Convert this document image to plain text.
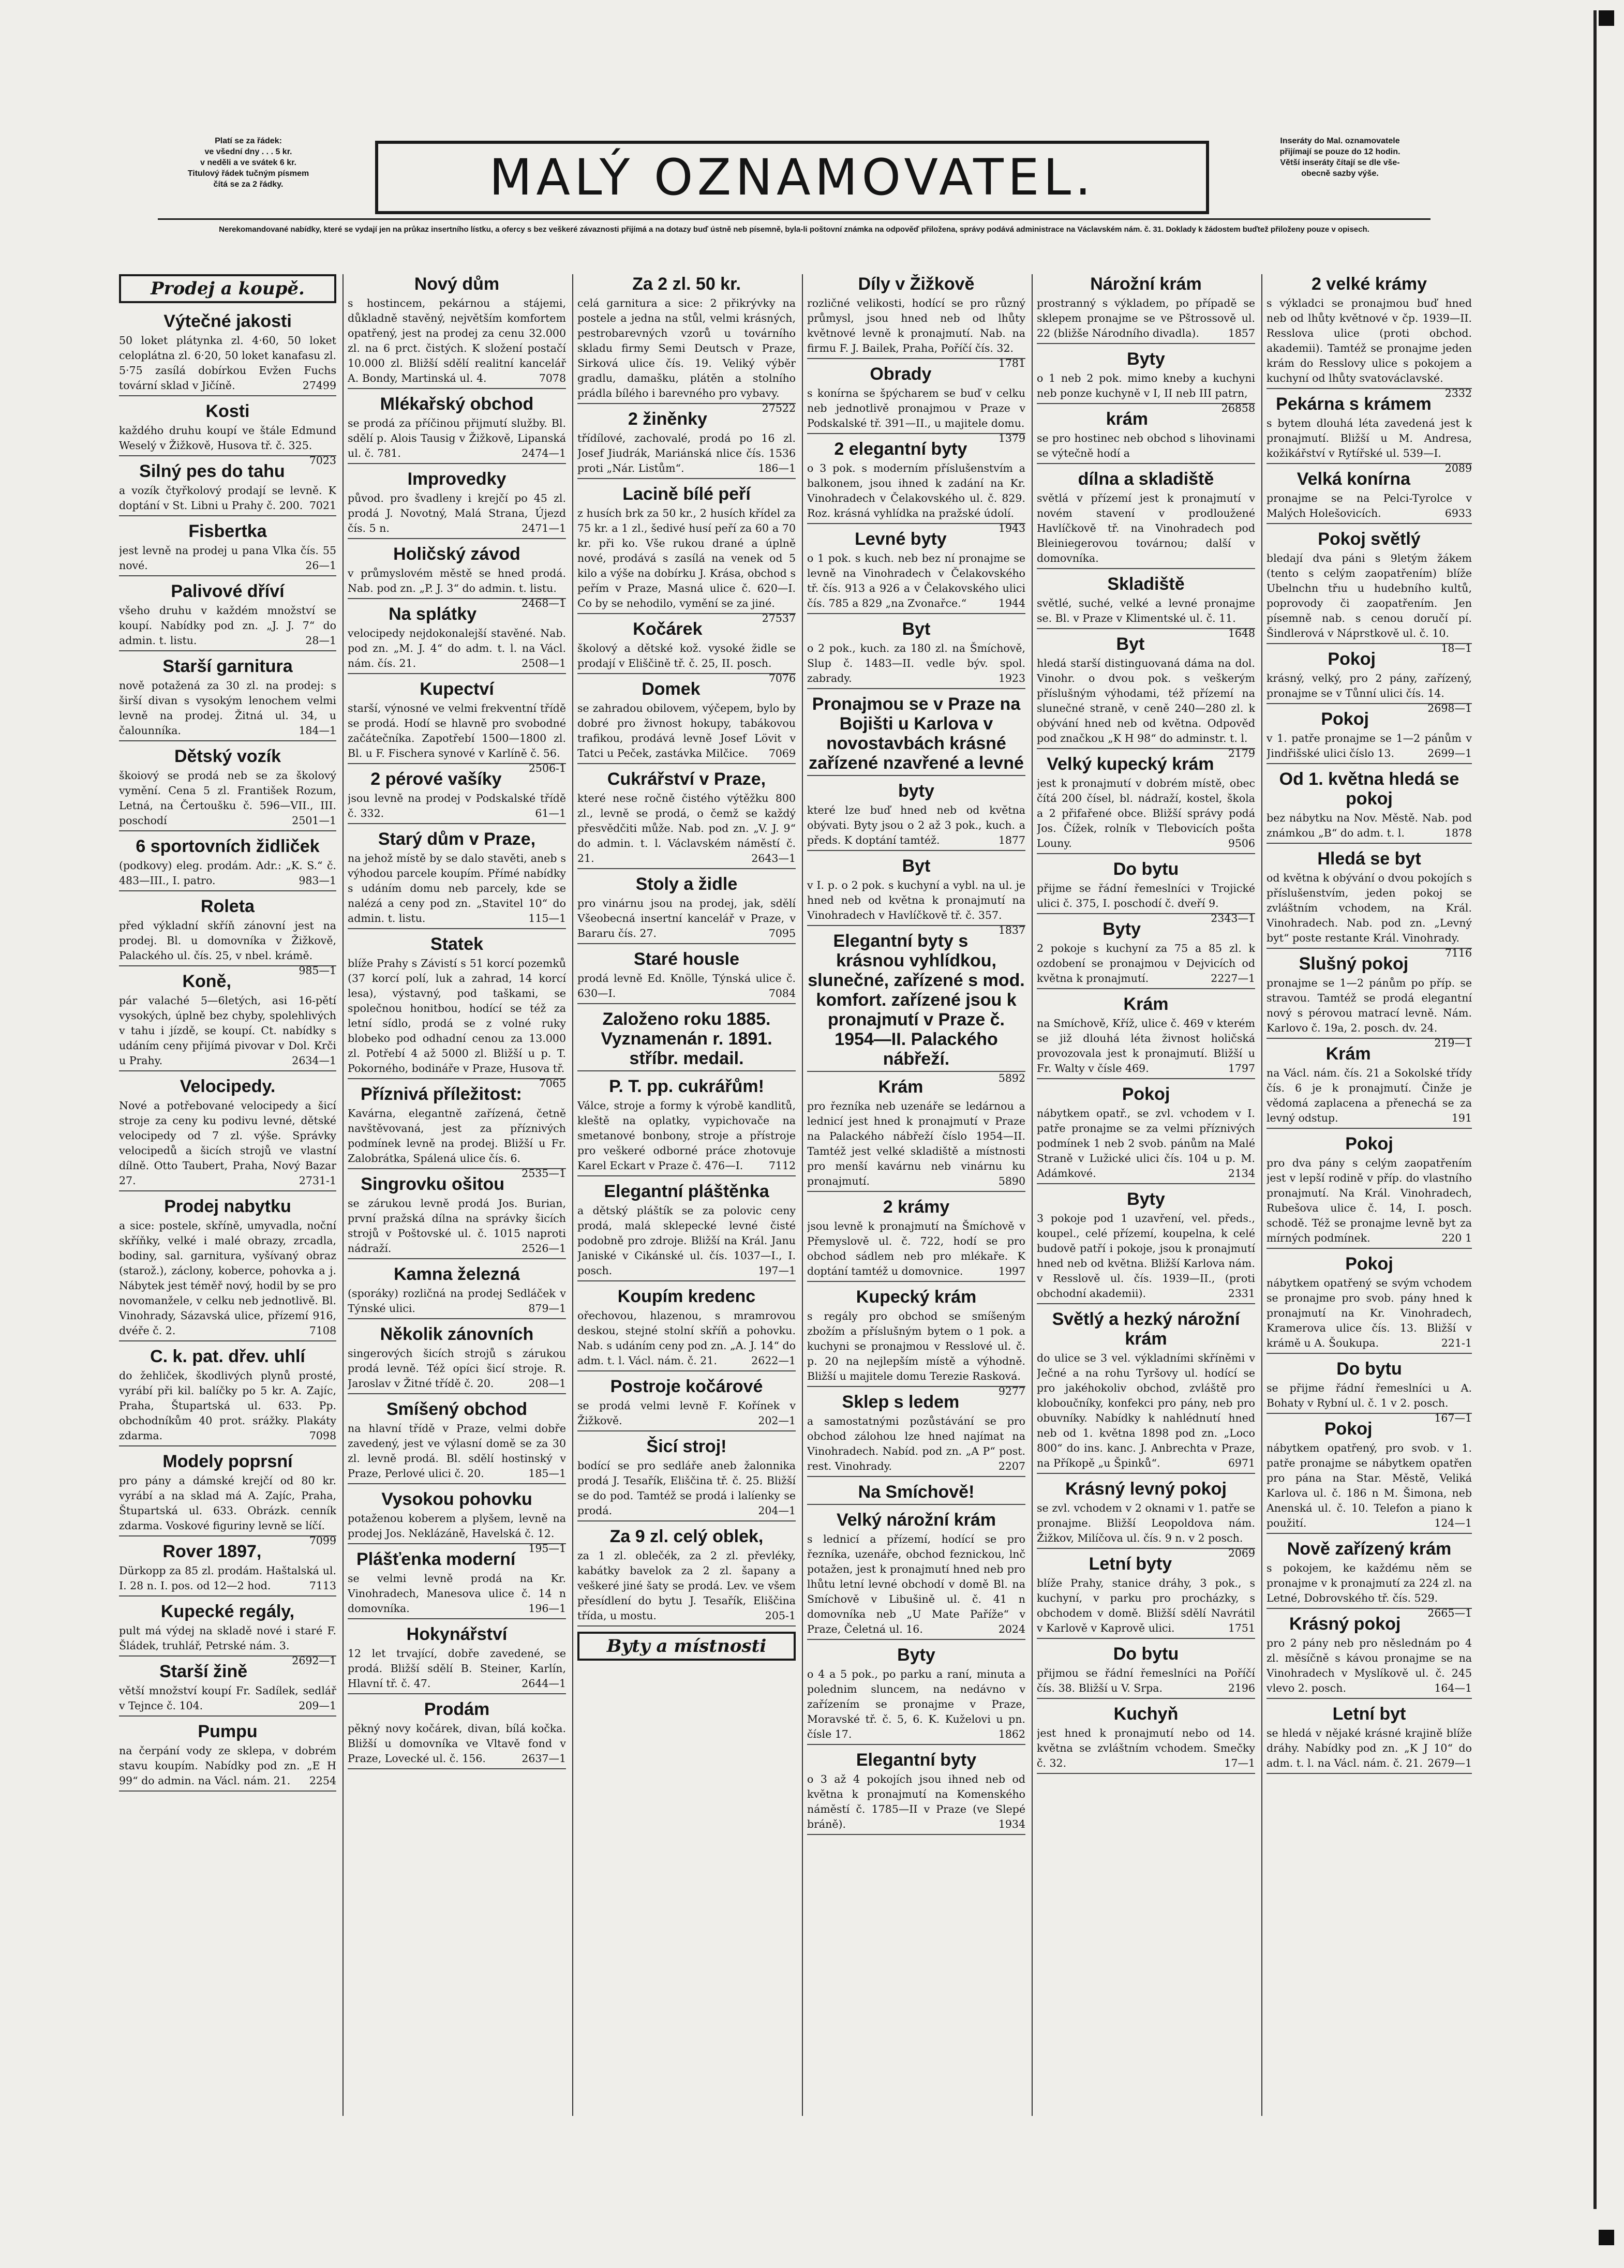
Platí se za řádek:
ve všední dny . . . 5 kr.
v neděli a ve svátek 6 kr.
Titulový řádek tučným písmem
čítá se za 2 řádky.	MALÝ OZNAMOVATEL.
Inseráty do Mal. oznamovatele
přijímají se pouze do 12 hodin.
Větší inseráty čítají se dle vše-
obecně sazby výše.
Nerekomandované nabídky, které se vydají jen na průkaz insertního lístku, a ofercy s bez veškeré závaznosti přijímá a na dotazy buď ústně neb písemně, byla-li poštovní známka na odpověď přiložena, správy podává administrace na Václavském nám. č. 31. Doklady k žádostem buďtež přiloženy pouze v opisech.
Prodej a koupě.
Výtečné jakosti

50 loket plátynka zl. 4·60, 50 loket celoplátna zl. 6·20, 50 loket kanafasu zl. 5·75 zasílá dobírkou Evžen Fuchs tovární sklad v Jičíně.	27499

Kosti

každého druhu koupí ve štále Edmund Weselý v Žižkově, Husova tř. č. 325.
7023

Silný pes do tahu

a vozík čtyřkolový prodají se levně. K doptání v St. Libni u Prahy č. 200. 7021

Fisbertka

jest levně na prodej u pana Vlka čís. 55 nové.	26—1

Palivové dříví

všeho druhu v každém množství se koupí. Nabídky pod zn. „J. J. 7“ do admin. t. listu.	28—1

Starší garnitura

nově potažená za 30 zl. na prodej: s širší divan s vysokým lenochem velmi levně na prodej. Žitná ul. 34, u čalounníka.	184—1

Dětský vozík

škoiový se prodá neb se za školový vymění. Cena 5 zl. František Rozum, Letná, na Čertoušku č. 596—VII., III. poschodí	2501—1

6 sportovních židliček

(podkovy) eleg. prodám. Adr.: „K. S.“ č. 483—III., I. patro.	983—1

Roleta

před výkladní skříň zánovní jest na prodej. Bl. u domovníka v Žižkově, Palackého ul. čís. 25, v nbel. krámě.
985—1

Koně,

pár valaché 5—6letých, asi 16-pětí vysokých, úplně bez chyby, spolehlivých v tahu i jízdě, se koupí. Ct. nabídky s udáním ceny přijímá pivovar v Dol. Krči u Prahy.	2634—1

Velocipedy.

Nové a potřebované velocipedy a šicí stroje za ceny ku podivu levné, dětské velocipedy od 7 zl. výše. Správky velocipedů a šicích strojů ve vlastní dílně. Otto Taubert, Praha, Nový Bazar 27.	2731-1

Prodej nabytku

a sice: postele, skříně, umyvadla, noční skříňky, velké i malé obrazy, zrcadla, bodiny, sal. garnitura, vyšívaný obraz (starož.), záclony, kobercе, pohovka a j. Nábytek jest téměř nový, hodil by se pro novomanžele, v celku neb jednotlivě. Bl. Vinohrady, Sázavská ulice, přízemí 916, dvéře č. 2.	7108

C. k. pat. dřev. uhlí

do žehliček, škodlivých plynů prosté, vyrábí při kil. balíčky po 5 kr. A. Zajíc, Praha, Štupartská ul. 633. Pp. obchodníkům 40 prot. srážky. Plakáty zdarma.	7098

Modely poprsní

pro pány a dámské krejčí od 80 kr. vyrábí a na sklad má A. Zajíc, Praha, Štupartská ul. 633. Obrázk. cenník zdarma. Voskové figuriny levně se líčí.
7099

Rover 1897,

Dürkopp za 85 zl. prodám. Haštalská ul. I. 28 n. I. pos. od 12—2 hod.	7113

Kupecké regály,

pult má výdej na skladě nové i staré F. Šládek, truhlář, Petrské nám. 3.
2692—1

Starší žině

větší množství koupí Fr. Sadílek, sedlář v Tejnce č. 104.	209—1

Pumpu

na čerpání vody ze sklepa, v dobrém stavu koupím. Nabídky pod zn. „E H 99“ do admin. na Václ. nám. 21.	2254

Nový dům

s hostincem, pekárnou a stájemi, důkladně stavěný, největším komfortem opatřený, jest na prodej za cenu 32.000 zl. na 6 prct. čistých. K složení postačí 10.000 zl. Bližší sdělí realitní kancelář A. Bondy, Martinská ul. 4.	7078

Mlékařský obchod

se prodá za příčinou přijmutí služby. Bl. sdělí p. Alois Tausig v Žižkově, Lipanská ul. č. 781.	2474—1

Improvedky

původ. pro švadleny i krejčí po 45 zl. prodá J. Novotný, Malá Strana, Újezd čís. 5 n.	2471—1

Holičský závod

v průmyslovém městě se hned prodá. Nab. pod zn. „P. J. 3“ do admin. t. listu.
2468—1

Na splátky

velocipedy nejdokonalejší stavěné. Nab. pod zn. „M. J. 4“ do adm. t. l. na Václ. nám. čís. 21.	2508—1

Kupectví

starší, výnosné ve velmi frekventní třídě se prodá. Hodí se hlavně pro svobodné začátečníka. Zapotřebí 1500—1800 zl. Bl. u F. Fischera synové v Karlíně č. 56.
2506-1

2 pérové vašíky

jsou levně na prodej v Podskalské třídě č. 332.	61—1

Starý dům v Praze,

na jehož místě by se dalo stavěti, aneb s výhodou parcele koupím. Přímé nabídky s udáním domu neb parcely, kde se nalézá a ceny pod zn. „Stavitel 10“ do admin. t. listu.	115—1

Statek

blíže Prahy s Závistí s 51 korcí pozemků (37 korcí polí, luk a zahrad, 14 korcí lesa), výstavný, pod taškami, se společnou honitbou, hodící se též za letní sídlo, prodá se z volné ruky blobeko pod odhadní cenou za 13.000 zl. Potřebí 4 až 5000 zl. Bližší u p. T. Pokorného, bodináře v Praze, Husova tř.
7065

Příznivá příležitost:

Kavárna, elegantně zařízená, četně navštěvovaná, jest za příznivých podmínek levně na prodej. Bližší u Fr. Zalobrátka, Spálená ulice čís. 6.
2535—1

Singrovku ošitou

se zárukou levně prodá Jos. Burian, první pražská dílna na správky šicích strojů v Poštovské ul. č. 1015 naproti nádraží.	2526—1

Kamna železná

(sporáky) rozličná na prodej Sedláček v Týnské ulici.	879—1

Několik zánovních

singerových šicích strojů s zárukou prodá levně. Též opíci šicí stroje. R. Jaroslav v Žitné třídě č. 20.	208—1

Smíšený obchod

na hlavní třídě v Praze, velmi dobře zavedený, jest ve výlasní domě se za 30 zl. levně prodá. Bl. sdělí hostinský v Praze, Perlové ulici č. 20.	185—1

Vysokou pohovku

potaženou koberem a plyšem, levně na prodej Jos. Neklázáně, Havelská č. 12.
195—1

Plášťenka moderní

se velmi levně prodá na Kr. Vinohradech, Manesova ulice č. 14 n domovníka.	196—1

Hokynářství

12 let trvající, dobře zavedené, se prodá. Bližší sdělí B. Steiner, Karlín, Hlavní tř. č. 47.	2644—1

Prodám

pěkný novy kočárek, divan, bílá kočka. Bližší u domovníka ve Vltavě fond v Praze, Lovecké ul. č. 156.	2637—1

Za 2 zl. 50 kr.

celá garnitura a sice: 2 přikrývky na postele a jedna na stůl, velmi krásných, pestrobarevných vzorů u továrního skladu firmy Semi Deutsch v Praze, Sirková ulice čís. 19. Veliký výběr gradlu, damašku, plátěn a stolního prádla bílého i barevného pro vybavy.
27522

2 žiněnky

třídílové, zachovalé, prodá po 16 zl. Josef Jiudrák, Mariánská nlice čís. 1536 proti „Nár. Listům“.	186—1

Lacině bílé peří

z husích brk za 50 kr., 2 husích křídel za 75 kr. a 1 zl., šedivé husí peří za 60 a 70 kr. při ko. Vše rukou drané a úplně nové, prodává s zasílá na venek od 5 kilo a výše na dobírku J. Krása, obchod s peřím v Praze, Masná ulice č. 620—I. Co by se nehodilo, vymění se za jiné.
27537

Kočárek

školový a dětské kož. vysoké židle se prodají v Eliščině tř. č. 25, II. posch.
7076

Domek

se zahradou obilovem, výčepem, bylo by dobré pro živnost hokupy, tabákovou trafikou, prodává levně Josef Lövit v Tatci u Peček, zastávka Milčice.	7069

Cukrářství v Praze,

které nese ročně čistého výtěžku 800 zl., levně se prodá, o čemž se každý přesvědčiti může. Nab. pod zn. „V. J. 9“ do admin. t. l. Václavském náměstí č. 21.	2643—1

Stoly a židle

pro vinárnu jsou na prodej, jak, sdělí Všeobecná insertní kancelář v Praze, v Bararu čís. 27.	7095

Staré housle

prodá levně Ed. Knölle, Týnská ulice č. 630—I.	7084

Založeno roku 1885. Vyznamenán r. 1891. stříbr. medail.

P. T. pp. cukrářům!

Válce, stroje a formy k výrobě kandlitů, kleště na oplatky, vypichovače na smetanové bonbony, stroje a přístroje pro veškeré odborné práce zhotovuje Karel Eckart v Praze č. 476—I.	7112

Elegantní pláštěnka

a dětský pláštík se za polovic ceny prodá, malá sklepecké levné čisté podobně pro zdroje. Bližší na Král. Janu Janiské v Cikánské ul. čís. 1037—I., I. posch.	197—1

Koupím kredenc

ořechovou, hlazenou, s mramrovou deskou, stejné stolní skříň a pohovku. Nab. s udáním ceny pod zn. „A. J. 14“ do adm. t. l. Václ. nám. č. 21.	2622—1

Postroje kočárové

se prodá velmi levně F. Kořínek v Žižkově.	202—1

Šicí stroj!

bodící se pro sedláře aneb žalonnika prodá J. Tesařík, Eliščina tř. č. 25. Bližší se do pod. Tamtéž se prodá i lalíenky se prodá.	204—1

Za 9 zl. celý oblek,

za 1 zl. oblečék, za 2 zl. převléky, kabátky bavelok za 2 zl. šapany a veškeré jiné šaty se prodá. Lev. ve všem přesídlení do bytu J. Tesařík, Eliščina třída, u mostu.	205-1

Byty a místnosti
Díly v Žižkově

rozličné velikosti, hodící se pro různý průmysl, jsou hned neb od lhůty květnové levně k pronajmutí. Nab. na firmu F. J. Bailek, Praha, Poříčí čís. 32.
1781

Obrady

s konírna se špýcharem se buď v celku neb jednotlivě pronajmou v Praze v Podskalské tř. 391—II., u majitele domu.
1379

2 elegantní byty

o 3 pok. s moderním příslušenstvím a balkonem, jsou ihned k zadání na Kr. Vinohradech v Čelakovského ul. č. 829. Roz. krásná vyhlídka na pražské údolí.
1943

Levné byty

o 1 pok. s kuch. neb bez ní pronajme se levně na Vinohradech v Čelakovského tř. čís. 913 a 926 a v Čelakovského ulici čís. 785 a 829 „na Zvonařce.“	1944

Byt

o 2 pok., kuch. za 180 zl. na Šmíchově, Slup č. 1483—II. vedle býv. spol. zabrady.	1923

Pronajmou se v Praze na Bojišti u Karlova v novostavbách krásné zařízené nzavřené a levné

byty

které lze buď hned neb od května obývati. Byty jsou o 2 až 3 pok., kuch. a předs. K doptání tamtéž.	1877

Byt

v I. p. o 2 pok. s kuchyní a vybl. na ul. je hned neb od května k pronajmutí na Vinohradech v Havlíčkově tř. č. 357.
1837

Elegantní byty s krásnou vyhlídkou, slunečné, zařízené s mod. komfort. zařízené jsou k pronajmutí v Praze č. 1954—II. Palackého nábřeží.

5892

Krám

pro řezníka neb uzenáře se ledárnou a lednicí jest hned k pronajmutí v Praze na Palackého nábřeží číslo 1954—II. Tamtéž jest velké skladiště a místnosti pro menší kavárnu neb vinárnu ku pronajmutí.	5890

2 krámy

jsou levně k pronajmutí na Šmíchově v Přemyslově ul. č. 722, hodí se pro obchod sádlem neb pro mlékaře. K doptání tamtéž u domovnice.	1997

Kupecký krám

s regály pro obchod se smíšeným zbožím a příslušným bytem o 1 pok. a kuchyni se pronajmou v Resslové ul. č. p. 20 na nejlepším místě a výhodně. Bližší u majitele domu Terezie Rasková.
9277

Sklep s ledem

a samostatnými pozůstávání se pro obchod zálohou lze hned najímat na Vinohradech. Nabíd. pod zn. „A P“ post. rest. Vinohrady.	2207

Na Smíchově!

Velký nárožní krám

s lednicí a přízemí, hodící se pro řezníka, uzenáře, obchod feznickou, lnč potažen, jest k pronajmutí hned neb pro lhůtu letní levné obchodí v domě Bl. na Smíchově v Libušině ul. č. 41 n domovníka neb „U Mate Paříže“ v Praze, Čeletná ul. 16.	2024

Byty

o 4 a 5 pok., po parku a raní, minuta a polednim sluncem, na nedávno v zařízením se pronajme v Praze, Moravské tř. č. 5, 6. K. Kuželovi u pn. čísle 17.	1862

Elegantní byty

o 3 až 4 pokojích jsou ihned neb od května k pronajmutí na Komenského náměstí č. 1785—II v Praze (ve Slepé bráně).	1934

Nárožní krám

prostranný s výkladem, po případě se sklepem pronajme se ve Pštrossově ul. 22 (bližše Národního divadla).	1857

Byty

o 1 neb 2 pok. mimo kneby a kuchyni neb ponze kuchyně v I, II neb III patrn,
26858

krám

se pro hostinec neb obchod s lihovinami se výtečně hodí a

dílna a skladiště

světlá v přízemí jest k pronajmutí v novém stavení v prodloužené Havlíčkově tř. na Vinohradech pod Bleiniegerovou továrnou; další v domovníka.

Skladiště

světlé, suché, velké a levné pronajme se. Bl. v Praze v Klimentské ul. č. 11.
1648

Byt

hledá starší distinguovaná dáma na dol. Vinohr. o dvou pok. s veškerým příslušným výhodami, též přízemí na slunečné straně, v ceně 240—280 zl. k obývání hned neb od května. Odpověď pod značkou „K H 98“ do adminstr. t. l.
2179

Velký kupecký krám

jest k pronajmutí v dobrém místě, obec čítá 200 čísel, bl. nádraží, kostel, škola a 2 přifařené obce. Bližší správy podá Jos. Čížek, rolník v Tlebovicích pošta Louny.	9506

Do bytu

přijme se řádní řemeslníci v Trojické ulici č. 375, I. poschodí č. dveří 9.
2343—1

Byty

2 pokoje s kuchyní za 75 a 85 zl. k ozdobení se pronajmou v Dejvicích od května k pronajmutí.	2227—1

Krám

na Smíchově, Kříž, ulice č. 469 v kterém se již dlouhá léta živnost holičská provozovala jest k pronajmutí. Bližší u Fr. Walty v čísle 469.	1797

Pokoj

nábytkem opatř., se zvl. vchodem v I. patře pronajme se za velmi příznivých podmínek 1 neb 2 svob. pánům na Malé Straně v Lužické ulici čís. 104 u p. M. Adámkové.	2134

Byty

3 pokoje pod 1 uzavření, vel. předs., koupel., celé přízemí, koupelna, k celé budově patří i pokoje, jsou k pronajmutí hned neb od května. Bližší Karlova nám. v Resslově ul. čís. 1939—II., (proti obchodní akademii).	2331

Světlý a hezký nárožní krám

do ulice se 3 vel. výkladními skříněmi v Ječné a na rohu Tyršovy ul. hodící se pro jakéhokoliv obchod, zvláště pro kloboučníky, konfekci pro pány, neb pro obuvníky. Nabídky k nahlédnutí hned neb od 1. května 1898 pod zn. „Loco 800“ do ins. kanc. J. Anbrechta v Praze, na Příkopě „u Špinků“.	6971

Krásný levný pokoj

se zvl. vchodem v 2 oknami v 1. patře se pronajme. Bližší Leopoldova nám. Žižkov, Milíčova ul. čís. 9 n. v 2 posch.
2069

Letní byty

blíže Prahy, stanice dráhy, 3 pok., s kuchyní, v parku pro procházky, s obchodem v domě. Bližší sdělí Navrátil v Karlově v Kaprově ulici.	1751

Do bytu

přijmou se řádní řemeslníci na Poříčí čís. 38. Bližší u V. Srpa.	2196

Kuchyň

jest hned k pronajmutí nebo od 14. května se zvláštním vchodem. Smečky č. 32.	17—1

2 velké krámy

s výkladci se pronajmou buď hned neb od lhůty květnové v čp. 1939—II. Resslova ulice (proti obchod. akademii). Tamtéž se pronajme jeden krám do Resslovy ulice s pokojem a kuchyní od lhůty svatováclavské.
2332

Pekárna s krámem

s bytem dlouhá léta zavedená jest k pronajmutí. Bližší u M. Andresa, kožikářství v Rytířské ul. 539—I.
2089

Velká konírna

pronajme se na Pelci-Tyrolce v Malých Holešovicích.	6933

Pokoj světlý

bledají dva páni s 9letým žákem (tento s celým zaopatřením) blíže Ubelnchn třıu u hudebního kultů, poprovody či zaopatřením. Jen písemně nab. s cenou doručí pí. Šindlerová v Náprstkově ul. č. 10.
18—1

Pokoj

krásný, velký, pro 2 pány, zařízený, pronajme se v Tůnní ulici čís. 14.
2698—1

Pokoj

v 1. patře pronajme se 1—2 pánům v Jindřišské ulici číslo 13.	2699—1

Od 1. května hledá se pokoj

bez nábytku na Nov. Městě. Nab. pod známkou „B“ do adm. t. l.	1878

Hledá se byt

od května k obývání o dvou pokojích s příslušenstvím, jeden pokoj se zvláštním vchodem, na Král. Vinohradech. Nab. pod zn. „Levný byt“ poste restante Král. Vinohrady.
7116

Slušný pokoj

pronajme se 1—2 pánům po příp. se stravou. Tamtéž se prodá elegantní nový s pérovou matrací levně. Nám. Karlovo č. 19a, 2. posch. dv. 24.
219—1

Krám

na Václ. nám. čís. 21 a Sokolské třídy čís. 6 je k pronajmutí. Činže je vědomá zaplacena a přenechá se za levný odstup.	191

Pokoj

pro dva pány s celým zaopatřením jest v lepší rodině v příp. do vlastního pronajmutí. Na Král. Vinohradech, Rubešova ulice č. 14, I. posch. schodě. Též se pronajme levně byt za mírných podmínek.	220 1

Pokoj

nábytkem opatřený se svým vchodem se pronajme pro svob. pány hned k pronajmutí na Kr. Vinohradech, Kramerova ulice čís. 13. Bližší v krámě u A. Šoukupa.	221-1

Do bytu

se přijme řádní řemeslníci u A. Bohaty v Rybní ul. č. 1 v 2. posch.
167—1

Pokoj

nábytkem opatřený, pro svob. v 1. patře pronajme se nábytkem opatřen pro pána na Star. Městě, Veliká Karlova ul. č. 186 n M. Šimona, neb Anenská ul. č. 10. Telefon a piano k použití.	124—1

Nově zařízený krám

s pokojem, ke každému něm se pronajme v k pronajmutí za 224 zl. na Letné, Dobrovského tř. čís. 529.
2665—1

Krásný pokoj

pro 2 pány neb pro něslednám po 4 zl. měsíčně s kávou pronajme se na Vinohradech v Myslíkově ul. č. 245 vlevo 2. posch.	164—1

Letní byt

se hledá v nějaké krásné krajině blíže dráhy. Nabídky pod zn. „K J 10“ do adm. t. l. na Václ. nám. č. 21. 2679—1
